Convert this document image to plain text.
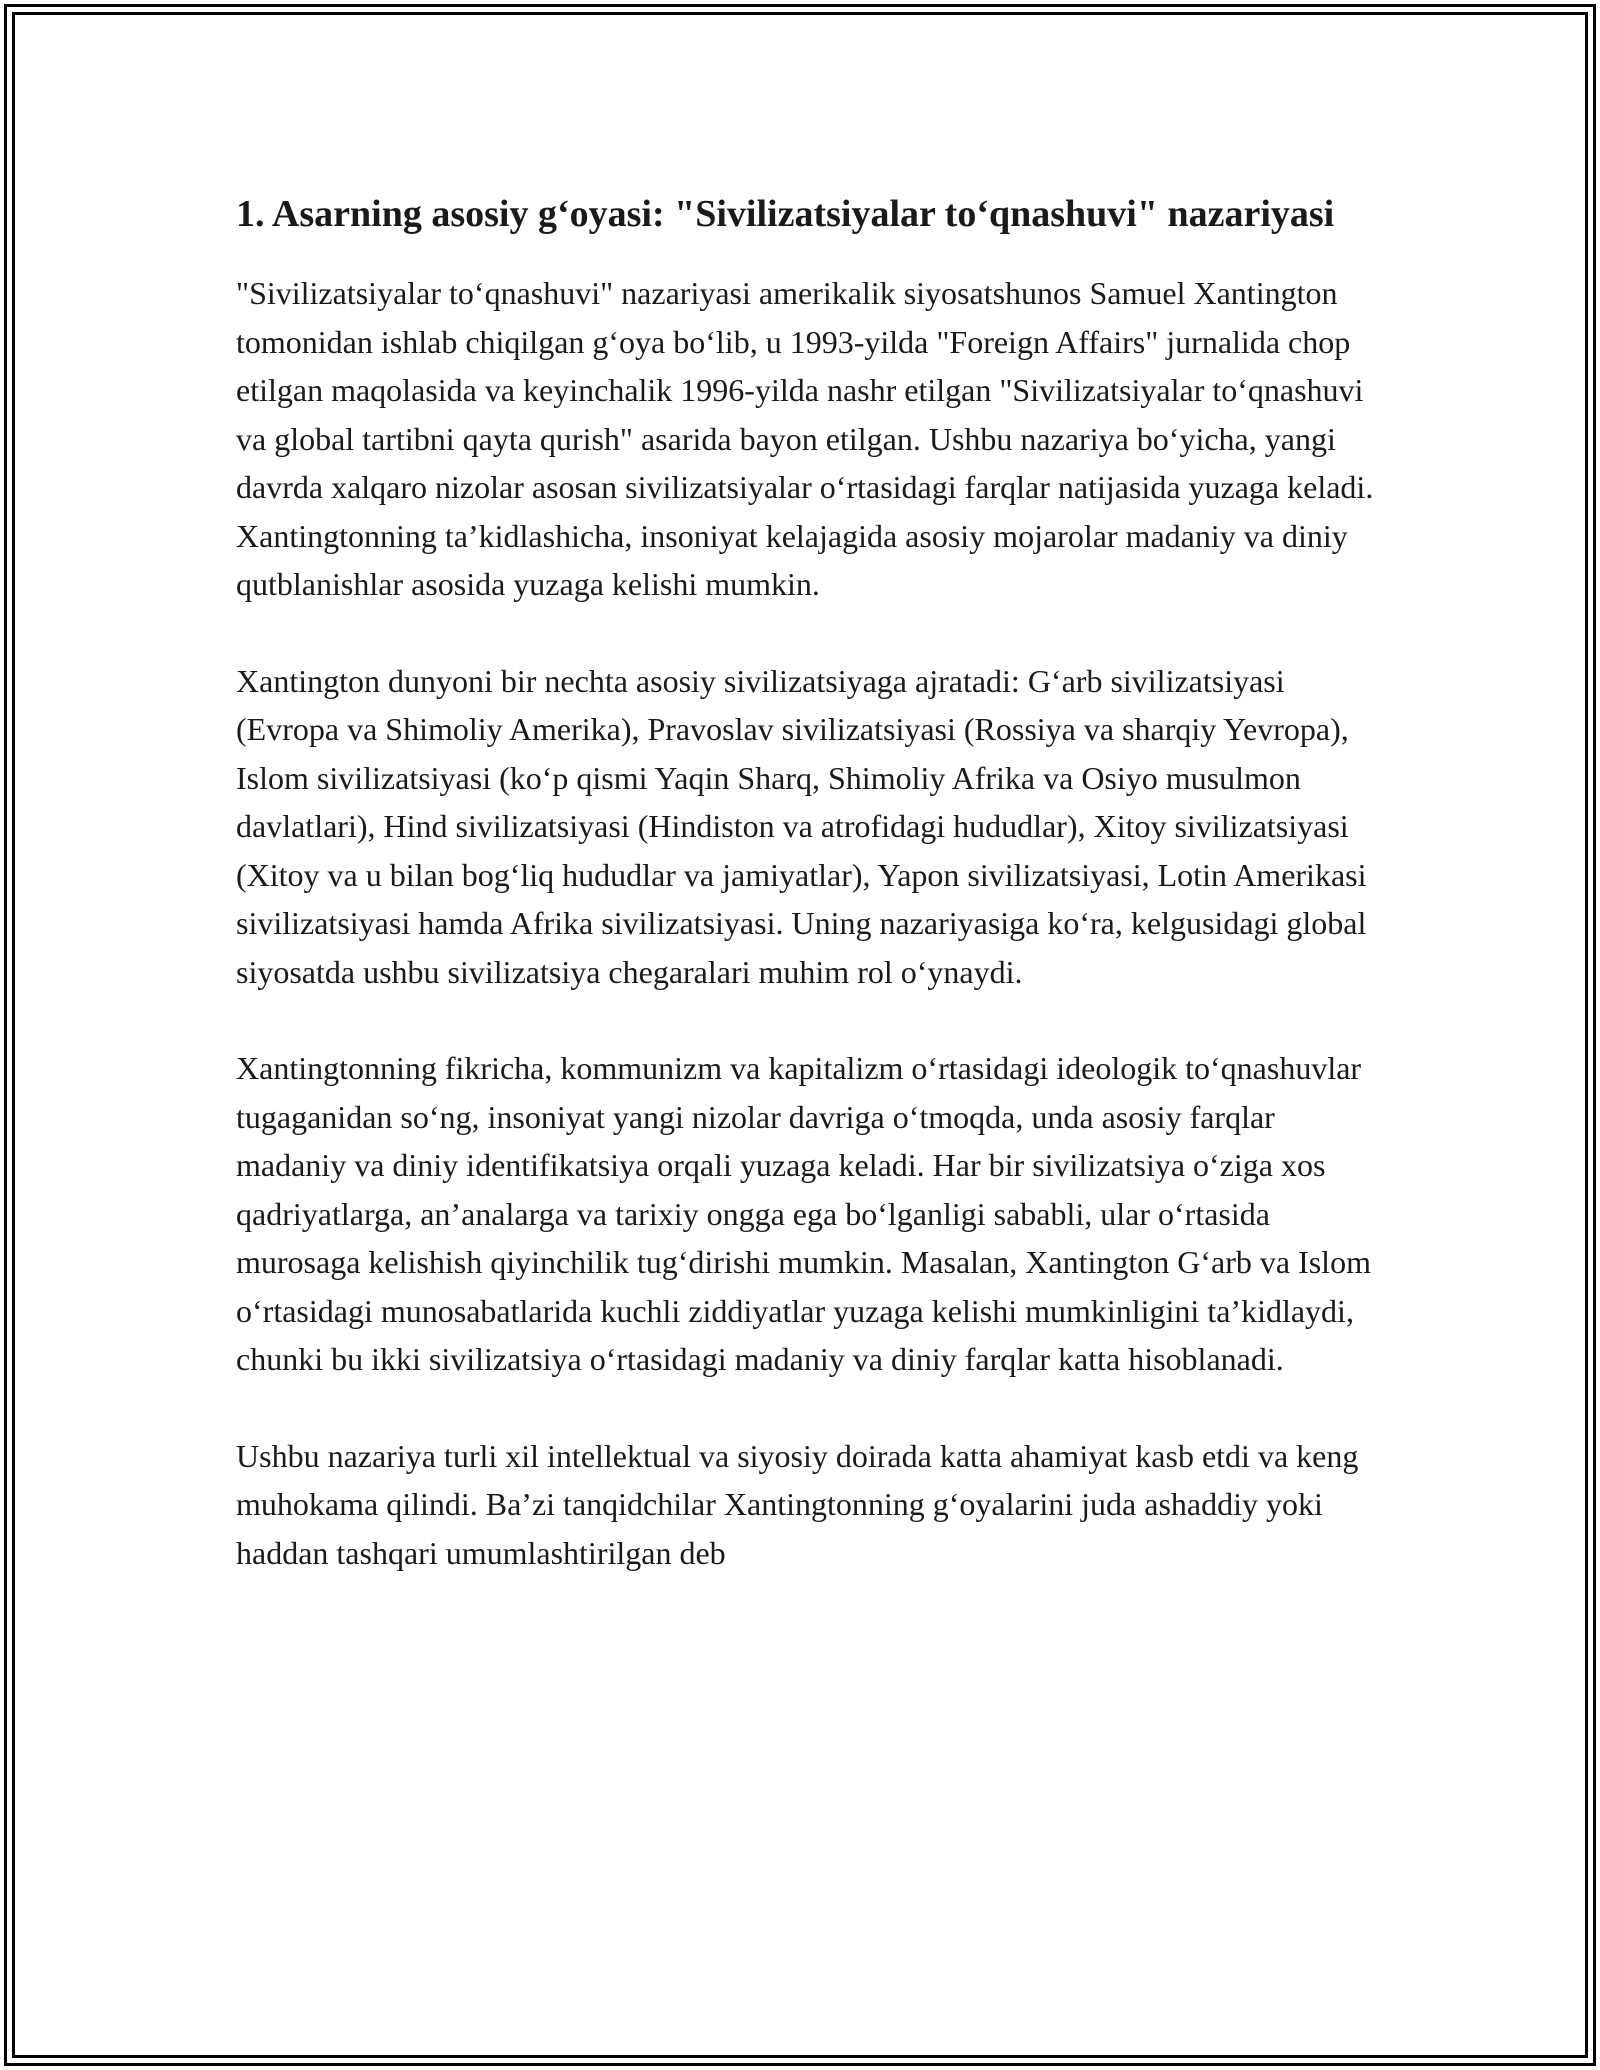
1. Asarning asosiy g‘oyasi: "Sivilizatsiyalar to‘qnashuvi" nazariyasi

"Sivilizatsiyalar to‘qnashuvi" nazariyasi amerikalik siyosatshunos Samuel Xantington tomonidan ishlab chiqilgan g‘oya bo‘lib, u 1993-yilda "Foreign Affairs" jurnalida chop etilgan maqolasida va keyinchalik 1996-yilda nashr etilgan "Sivilizatsiyalar to‘qnashuvi va global tartibni qayta qurish" asarida bayon etilgan. Ushbu nazariya bo‘yicha, yangi davrda xalqaro nizolar asosan sivilizatsiyalar o‘rtasidagi farqlar natijasida yuzaga keladi. Xantingtonning ta’kidlashicha, insoniyat kelajagida asosiy mojarolar madaniy va diniy qutblanishlar asosida yuzaga kelishi mumkin.

Xantington dunyoni bir nechta asosiy sivilizatsiyaga ajratadi: G‘arb sivilizatsiyasi (Evropa va Shimoliy Amerika), Pravoslav sivilizatsiyasi (Rossiya va sharqiy Yevropa), Islom sivilizatsiyasi (ko‘p qismi Yaqin Sharq, Shimoliy Afrika va Osiyo musulmon davlatlari), Hind sivilizatsiyasi (Hindiston va atrofidagi hududlar), Xitoy sivilizatsiyasi (Xitoy va u bilan bog‘liq hududlar va jamiyatlar), Yapon sivilizatsiyasi, Lotin Amerikasi sivilizatsiyasi hamda Afrika sivilizatsiyasi. Uning nazariyasiga ko‘ra, kelgusidagi global siyosatda ushbu sivilizatsiya chegaralari muhim rol o‘ynaydi.

Xantingtonning fikricha, kommunizm va kapitalizm o‘rtasidagi ideologik to‘qnashuvlar tugaganidan so‘ng, insoniyat yangi nizolar davriga o‘tmoqda, unda asosiy farqlar madaniy va diniy identifikatsiya orqali yuzaga keladi. Har bir sivilizatsiya o‘ziga xos qadriyatlarga, an’analarga va tarixiy ongga ega bo‘lganligi sababli, ular o‘rtasida murosaga kelishish qiyinchilik tug‘dirishi mumkin. Masalan, Xantington G‘arb va Islom o‘rtasidagi munosabatlarida kuchli ziddiyatlar yuzaga kelishi mumkinligini ta’kidlaydi, chunki bu ikki sivilizatsiya o‘rtasidagi madaniy va diniy farqlar katta hisoblanadi.

Ushbu nazariya turli xil intellektual va siyosiy doirada katta ahamiyat kasb etdi va keng muhokama qilindi. Ba’zi tanqidchilar Xantingtonning g‘oyalarini juda ashaddiy yoki haddan tashqari umumlashtirilgan deb
